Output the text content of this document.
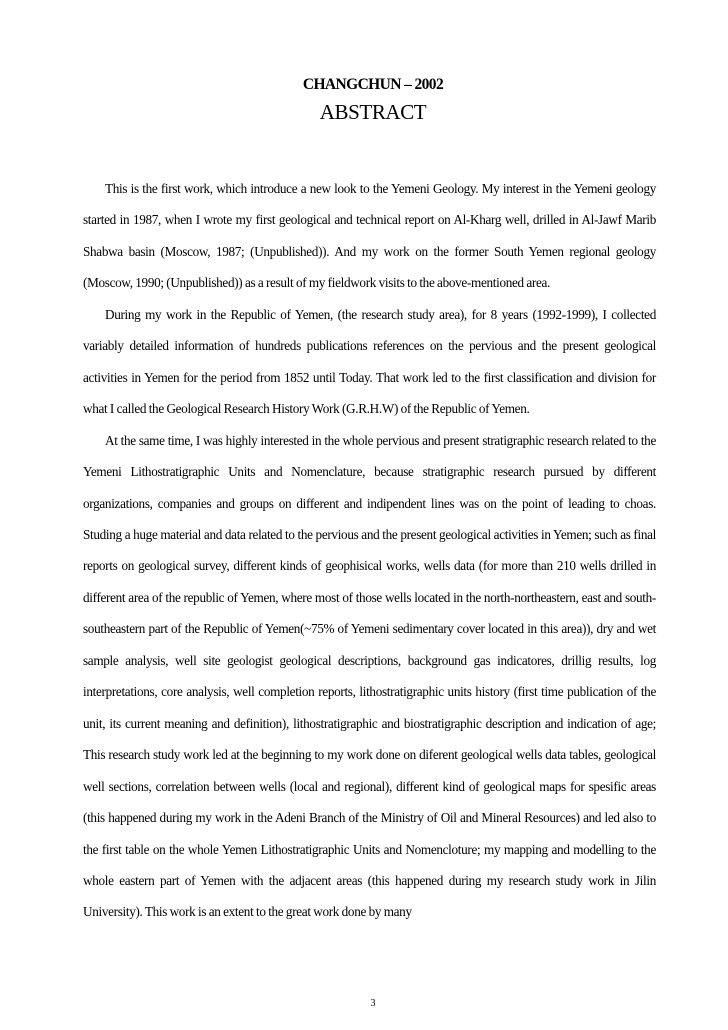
CHANGCHUN – 2002
ABSTRACT

This is the first work, which introduce a new look to the Yemeni Geology. My interest in the Yemeni geology started in 1987, when I wrote my first geological and technical report on Al-Kharg well, drilled in Al-Jawf Marib Shabwa basin (Moscow, 1987; (Unpublished)). And my work on the former South Yemen regional geology (Moscow, 1990; (Unpublished)) as a result of my fieldwork visits to the above-mentioned area.

During my work in the Republic of Yemen, (the research study area), for 8 years (1992-1999), I collected variably detailed information of hundreds publications references on the pervious and the present geological activities in Yemen for the period from 1852 until Today. That work led to the first classification and division for what I called the Geological Research History Work (G.R.H.W) of the Republic of Yemen.

At the same time, I was highly interested in the whole pervious and present stratigraphic research related to the Yemeni Lithostratigraphic Units and Nomenclature, because stratigraphic research pursued by different organizations, companies and groups on different and indipendent lines was on the point of leading to choas. Studing a huge material and data related to the pervious and the present geological activities in Yemen; such as final reports on geological survey, different kinds of geophisical works, wells data (for more than 210 wells drilled in different area of the republic of Yemen, where most of those wells located in the north-northeastern, east and south-southeastern part of the Republic of Yemen(~75% of Yemeni sedimentary cover located in this area)), dry and wet sample analysis, well site geologist geological descriptions, background gas indicatores, drillig results, log interpretations, core analysis, well completion reports, lithostratigraphic units history (first time publication of the unit, its current meaning and definition), lithostratigraphic and biostratigraphic description and indication of age; This research study work led at the beginning to my work done on diferent geological wells data tables, geological well sections, correlation between wells (local and regional), different kind of geological maps for spesific areas (this happened during my work in the Adeni Branch of the Ministry of Oil and Mineral Resources) and led also to the first table on the whole Yemen Lithostratigraphic Units and Nomencloture; my mapping and modelling to the whole eastern part of Yemen with the adjacent areas (this happened during my research study work in Jilin University). This work is an extent to the great work done by many

3
